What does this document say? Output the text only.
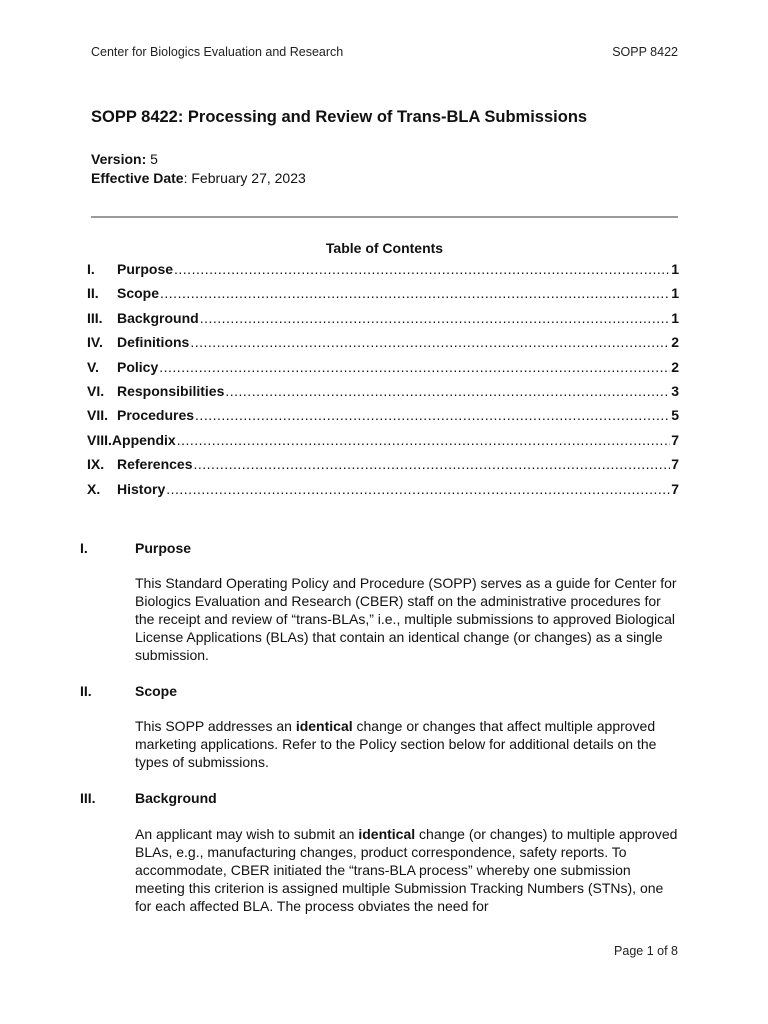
Center for Biologics Evaluation and Research	SOPP 8422
SOPP 8422: Processing and Review of Trans-BLA Submissions
Version: 5
Effective Date: February 27, 2023
Table of Contents
I.	Purpose .....	1
II.	Scope .....	1
III.	Background .....	1
IV.	Definitions .....	2
V.	Policy .....	2
VI. Responsibilities .....	3
VII. Procedures .....	5
VIII. Appendix .....	7
IX. References .....	7
X.	History .....	7
I.	Purpose

This Standard Operating Policy and Procedure (SOPP) serves as a guide for Center for Biologics Evaluation and Research (CBER) staff on the administrative procedures for the receipt and review of “trans-BLAs,” i.e., multiple submissions to approved Biological License Applications (BLAs) that contain an identical change (or changes) as a single submission.

II.	Scope

This SOPP addresses an identical change or changes that affect multiple approved marketing applications. Refer to the Policy section below for additional details on the types of submissions.

III.	Background

An applicant may wish to submit an identical change (or changes) to multiple approved BLAs, e.g., manufacturing changes, product correspondence, safety reports. To accommodate, CBER initiated the “trans-BLA process” whereby one submission meeting this criterion is assigned multiple Submission Tracking Numbers (STNs), one for each affected BLA. The process obviates the need for

Page 1 of 8
